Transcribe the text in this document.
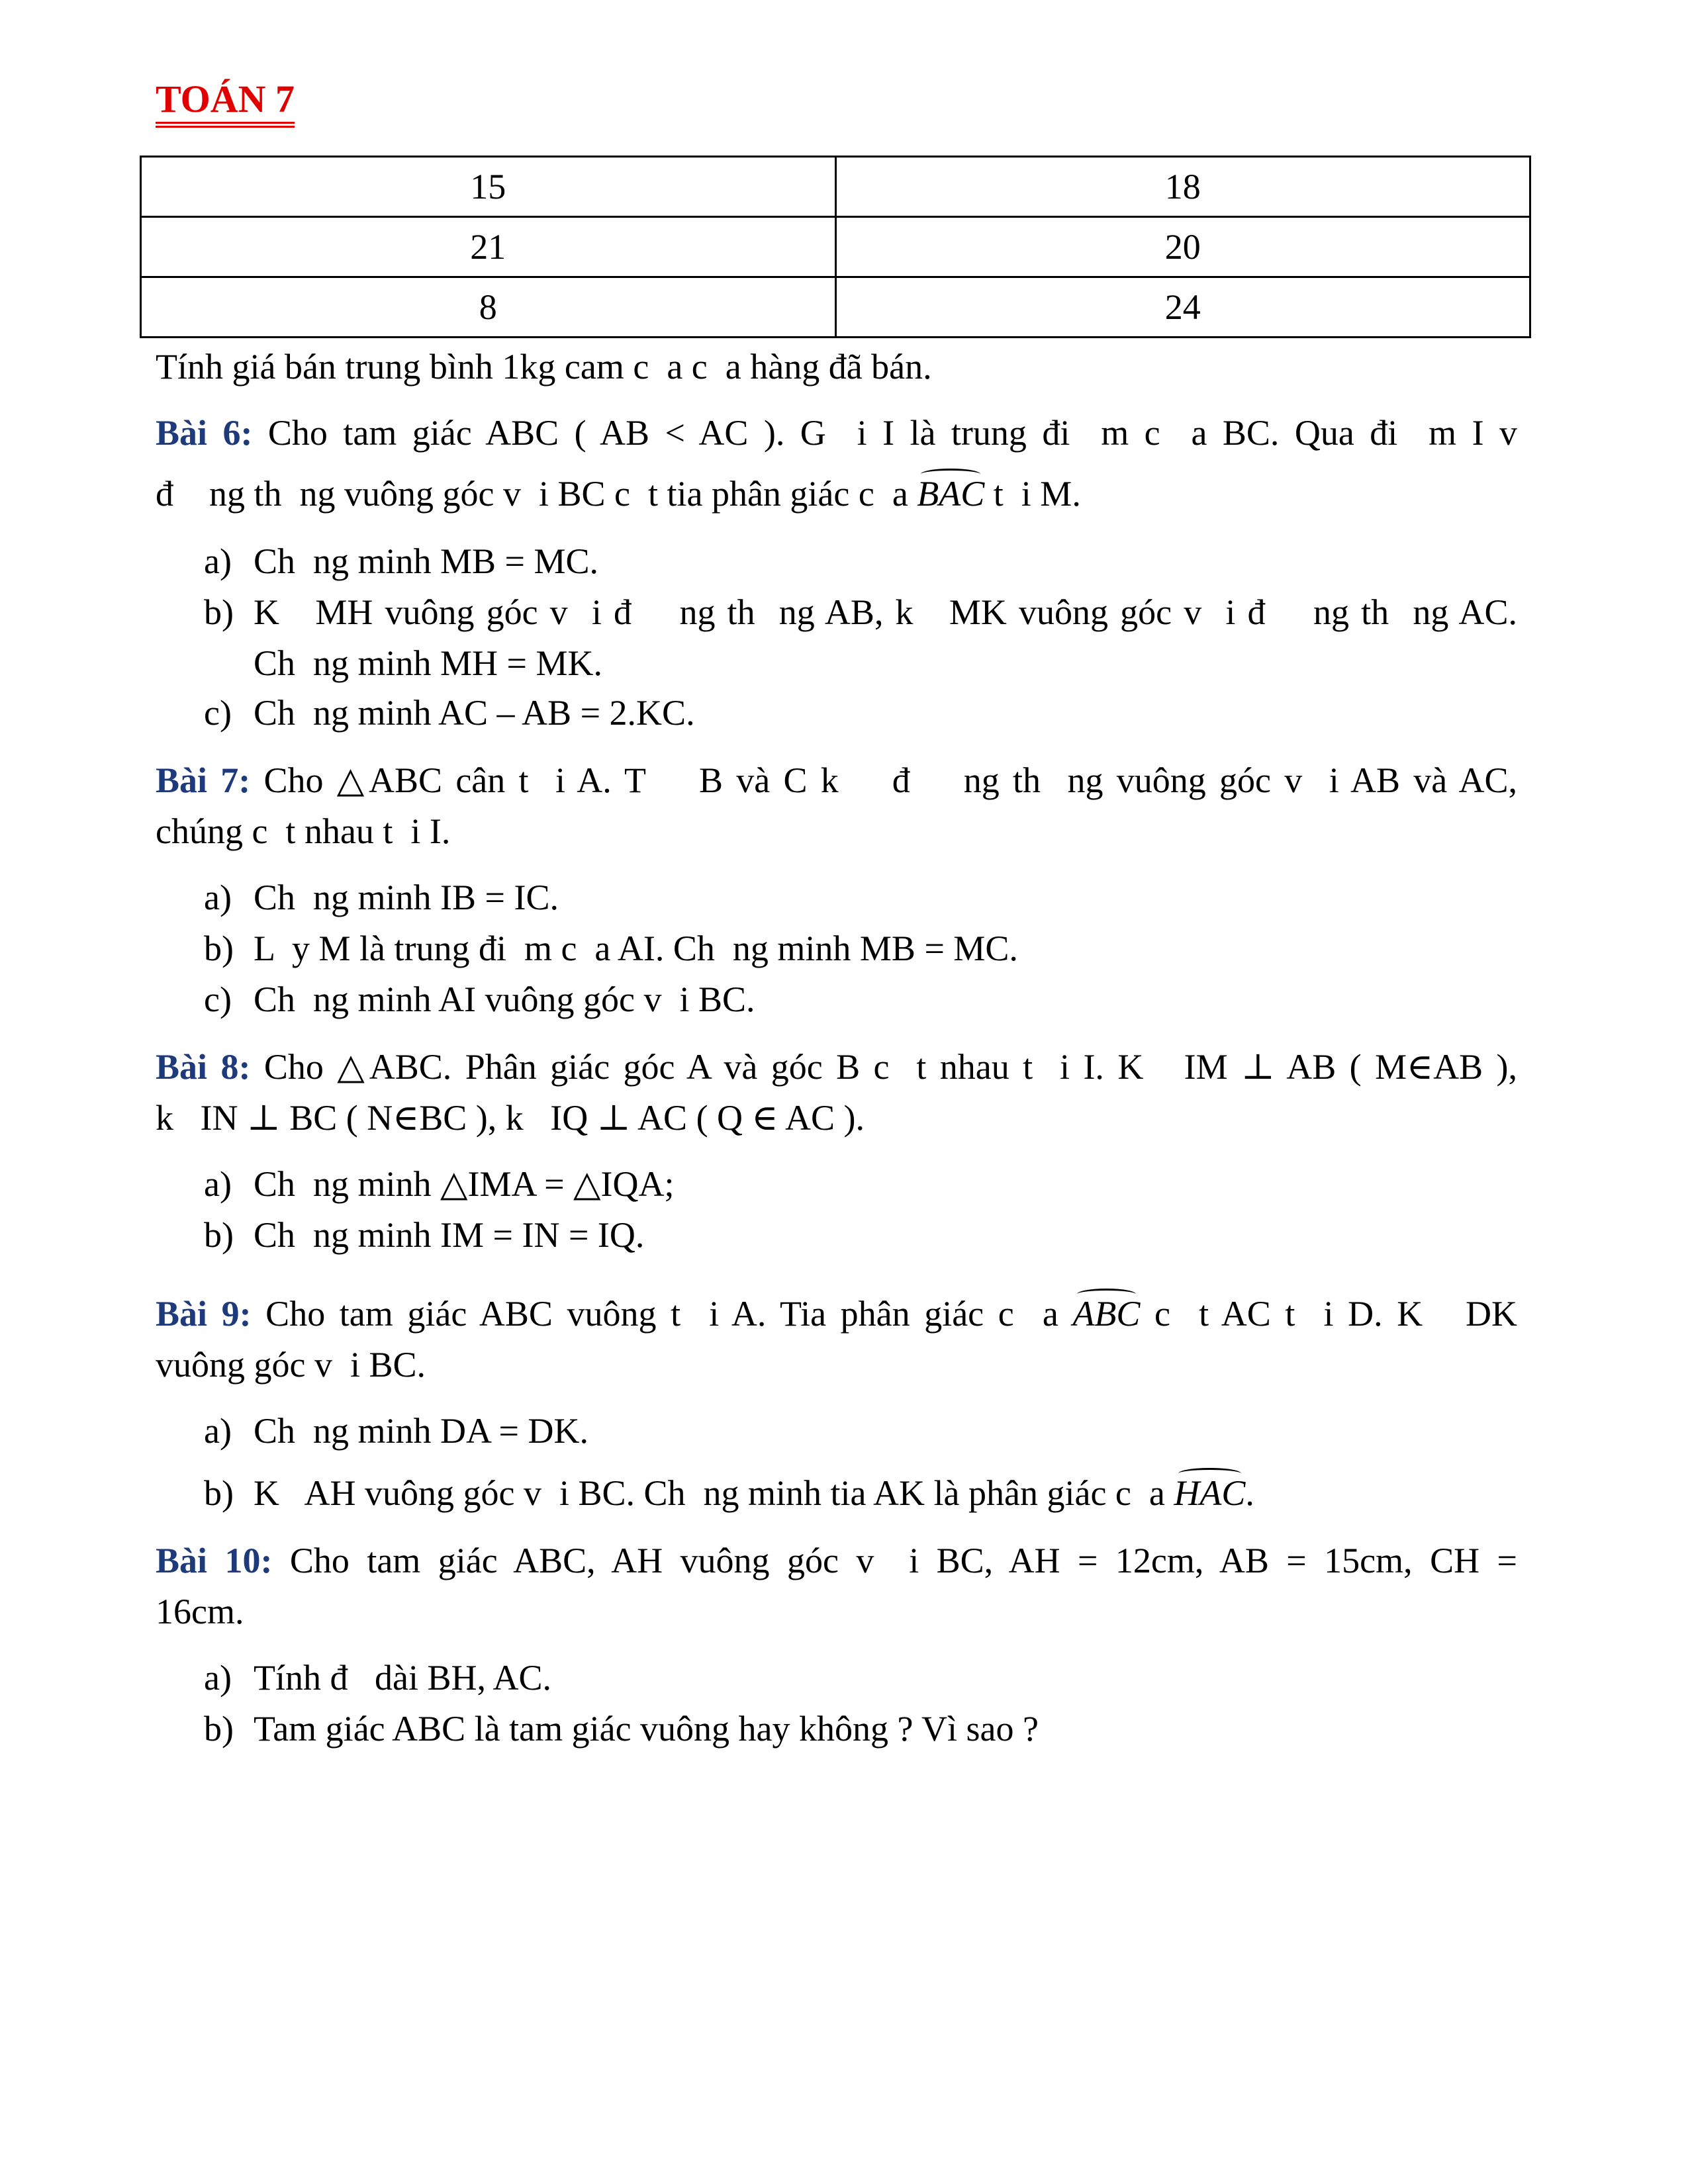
TOÁN 7
15	18
21	20
8	24
Tính giá bán trung bình 1kg cam c  a c  a hàng đã bán.
Bài 6: Cho tam giác ABC ( AB < AC ). G  i I là trung đi  m c  a BC. Qua đi  m I v
đ    ng th  ng vuông góc v  i BC c  t tia phân giác c  a BAC t  i M.
a) Ch  ng minh MB = MC.
b) K   MH vuông góc v  i đ    ng th  ng AB, k   MK vuông góc v  i đ    ng th  ng AC.
Ch  ng minh MH = MK.
c) Ch  ng minh AC – AB = 2.KC.
Bài 7: Cho △ABC cân t  i A. T    B và C k    đ    ng th  ng vuông góc v  i AB và AC,
chúng c  t nhau t  i I.
a) Ch  ng minh IB = IC.
b) L  y M là trung đi  m c  a AI. Ch  ng minh MB = MC.
c) Ch  ng minh AI vuông góc v  i BC.
Bài 8: Cho △ABC. Phân giác góc A và góc B c  t nhau t  i I. K   IM ⊥ AB ( M∈AB ),
k   IN ⊥ BC ( N∈BC ), k   IQ ⊥ AC ( Q ∈ AC ).
a) Ch  ng minh △IMA = △IQA;
b) Ch  ng minh IM = IN = IQ.
Bài 9: Cho tam giác ABC vuông t  i A. Tia phân giác c  a ABC c  t AC t  i D. K   DK
vuông góc v  i BC.
a) Ch  ng minh DA = DK.
b) K   AH vuông góc v  i BC. Ch  ng minh tia AK là phân giác c  a HAC.
Bài 10: Cho tam giác ABC, AH vuông góc v  i BC, AH = 12cm, AB = 15cm, CH =
16cm.
a) Tính đ   dài BH, AC.
b) Tam giác ABC là tam giác vuông hay không ? Vì sao ?
